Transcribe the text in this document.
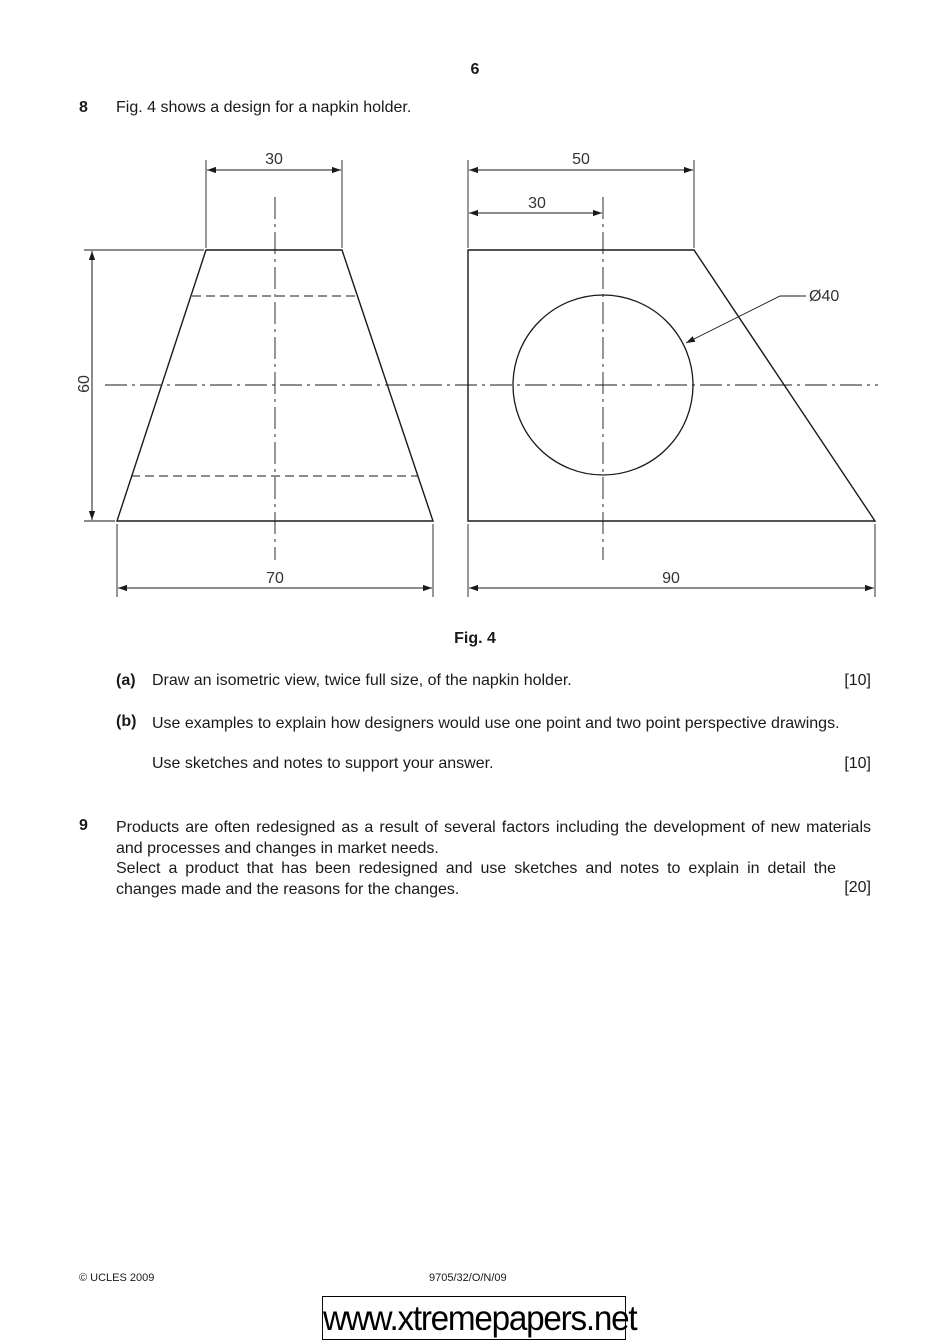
6
8 Fig. 4 shows a design for a napkin holder.
30	50
30
60
70	90
Ø40
Fig. 4
(a) Draw an isometric view, twice full size, of the napkin holder.	[10]
(b) Use examples to explain how designers would use one point and two point perspective drawings.
Use sketches and notes to support your answer.	[10]
9 Products are often redesigned as a result of several factors including the development of new materials and processes and changes in market needs.
Select a product that has been redesigned and use sketches and notes to explain in detail the changes made and the reasons for the changes.	[20]
© UCLES 2009	9705/32/O/N/09
www.xtremepapers.net
